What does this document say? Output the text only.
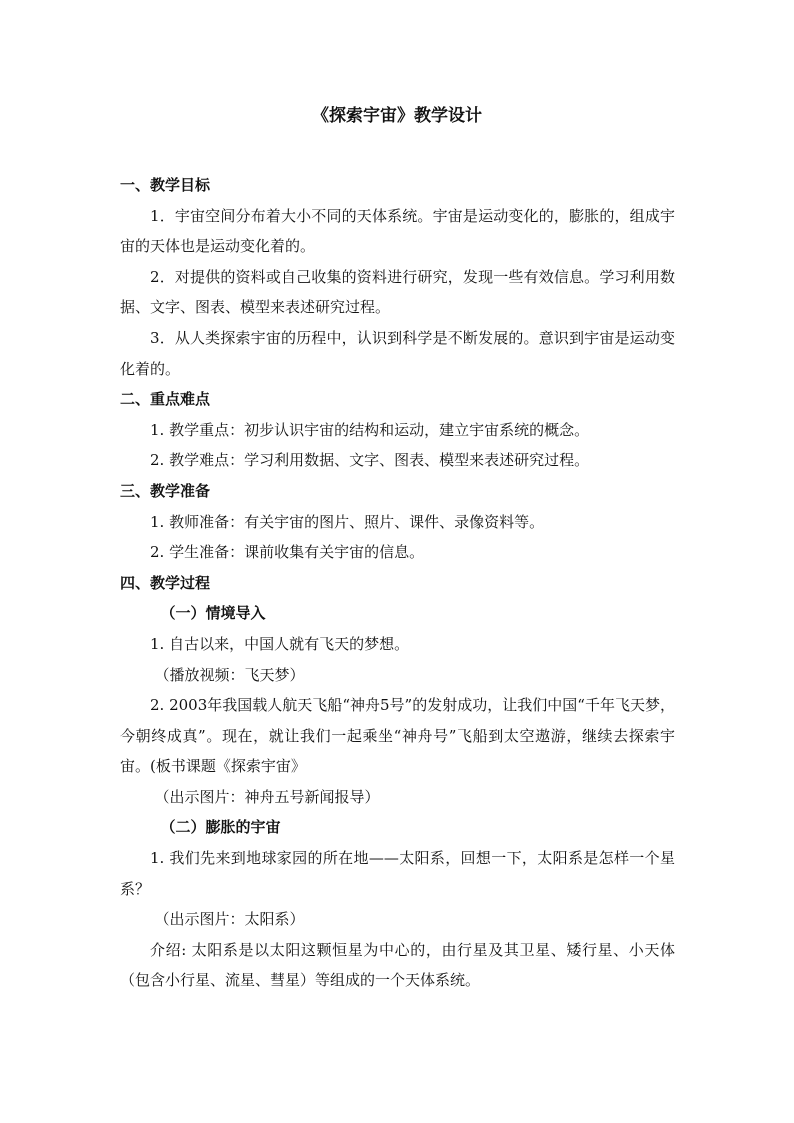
《探索宇宙》教学设计

一、教学目标

1．宇宙空间分布着大小不同的天体系统。宇宙是运动变化的，膨胀的，组成宇宙的天体也是运动变化着的。

2．对提供的资料或自己收集的资料进行研究，发现一些有效信息。学习利用数据、文字、图表、模型来表述研究过程。

3．从人类探索宇宙的历程中，认识到科学是不断发展的。意识到宇宙是运动变化着的。

二、重点难点

1. 教学重点：初步认识宇宙的结构和运动，建立宇宙系统的概念。

2. 教学难点：学习利用数据、文字、图表、模型来表述研究过程。

三、教学准备

1. 教师准备：有关宇宙的图片、照片、课件、录像资料等。

2. 学生准备：课前收集有关宇宙的信息。

四、教学过程

（一）情境导入

1. 自古以来，中国人就有飞天的梦想。

（播放视频：飞天梦）

2. 2003年我国载人航天飞船“神舟5号”的发射成功，让我们中国“千年飞天梦，今朝终成真”。现在，就让我们一起乘坐“神舟号”飞船到太空遨游，继续去探索宇宙。(板书课题《探索宇宙》

（出示图片：神舟五号新闻报导）

（二）膨胀的宇宙

1. 我们先来到地球家园的所在地——太阳系，回想一下，太阳系是怎样一个星系？

（出示图片：太阳系）

介绍: 太阳系是以太阳这颗恒星为中心的，由行星及其卫星、矮行星、小天体（包含小行星、流星、彗星）等组成的一个天体系统。
